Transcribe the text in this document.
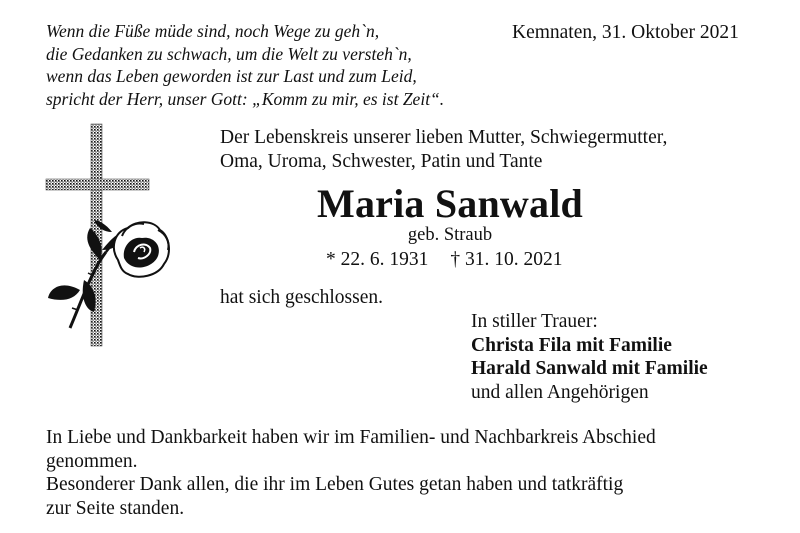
Wenn die Füße müde sind, noch Wege zu geh`n,
die Gedanken zu schwach, um die Welt zu versteh`n,
wenn das Leben geworden ist zur Last und zum Leid,
spricht der Herr, unser Gott: „Komm zu mir, es ist Zeit“.
Kemnaten, 31. Oktober 2021
Der Lebenskreis unserer lieben Mutter, Schwiegermutter,
Oma, Uroma, Schwester, Patin und Tante
Maria Sanwald
geb. Straub
* 22. 6. 1931 † 31. 10. 2021
hat sich geschlossen.
In stiller Trauer:
Christa Fila mit Familie
Harald Sanwald mit Familie
und allen Angehörigen
In Liebe und Dankbarkeit haben wir im Familien- und Nachbarkreis Abschied
genommen.
Besonderer Dank allen, die ihr im Leben Gutes getan haben und tatkräftig
zur Seite standen.
